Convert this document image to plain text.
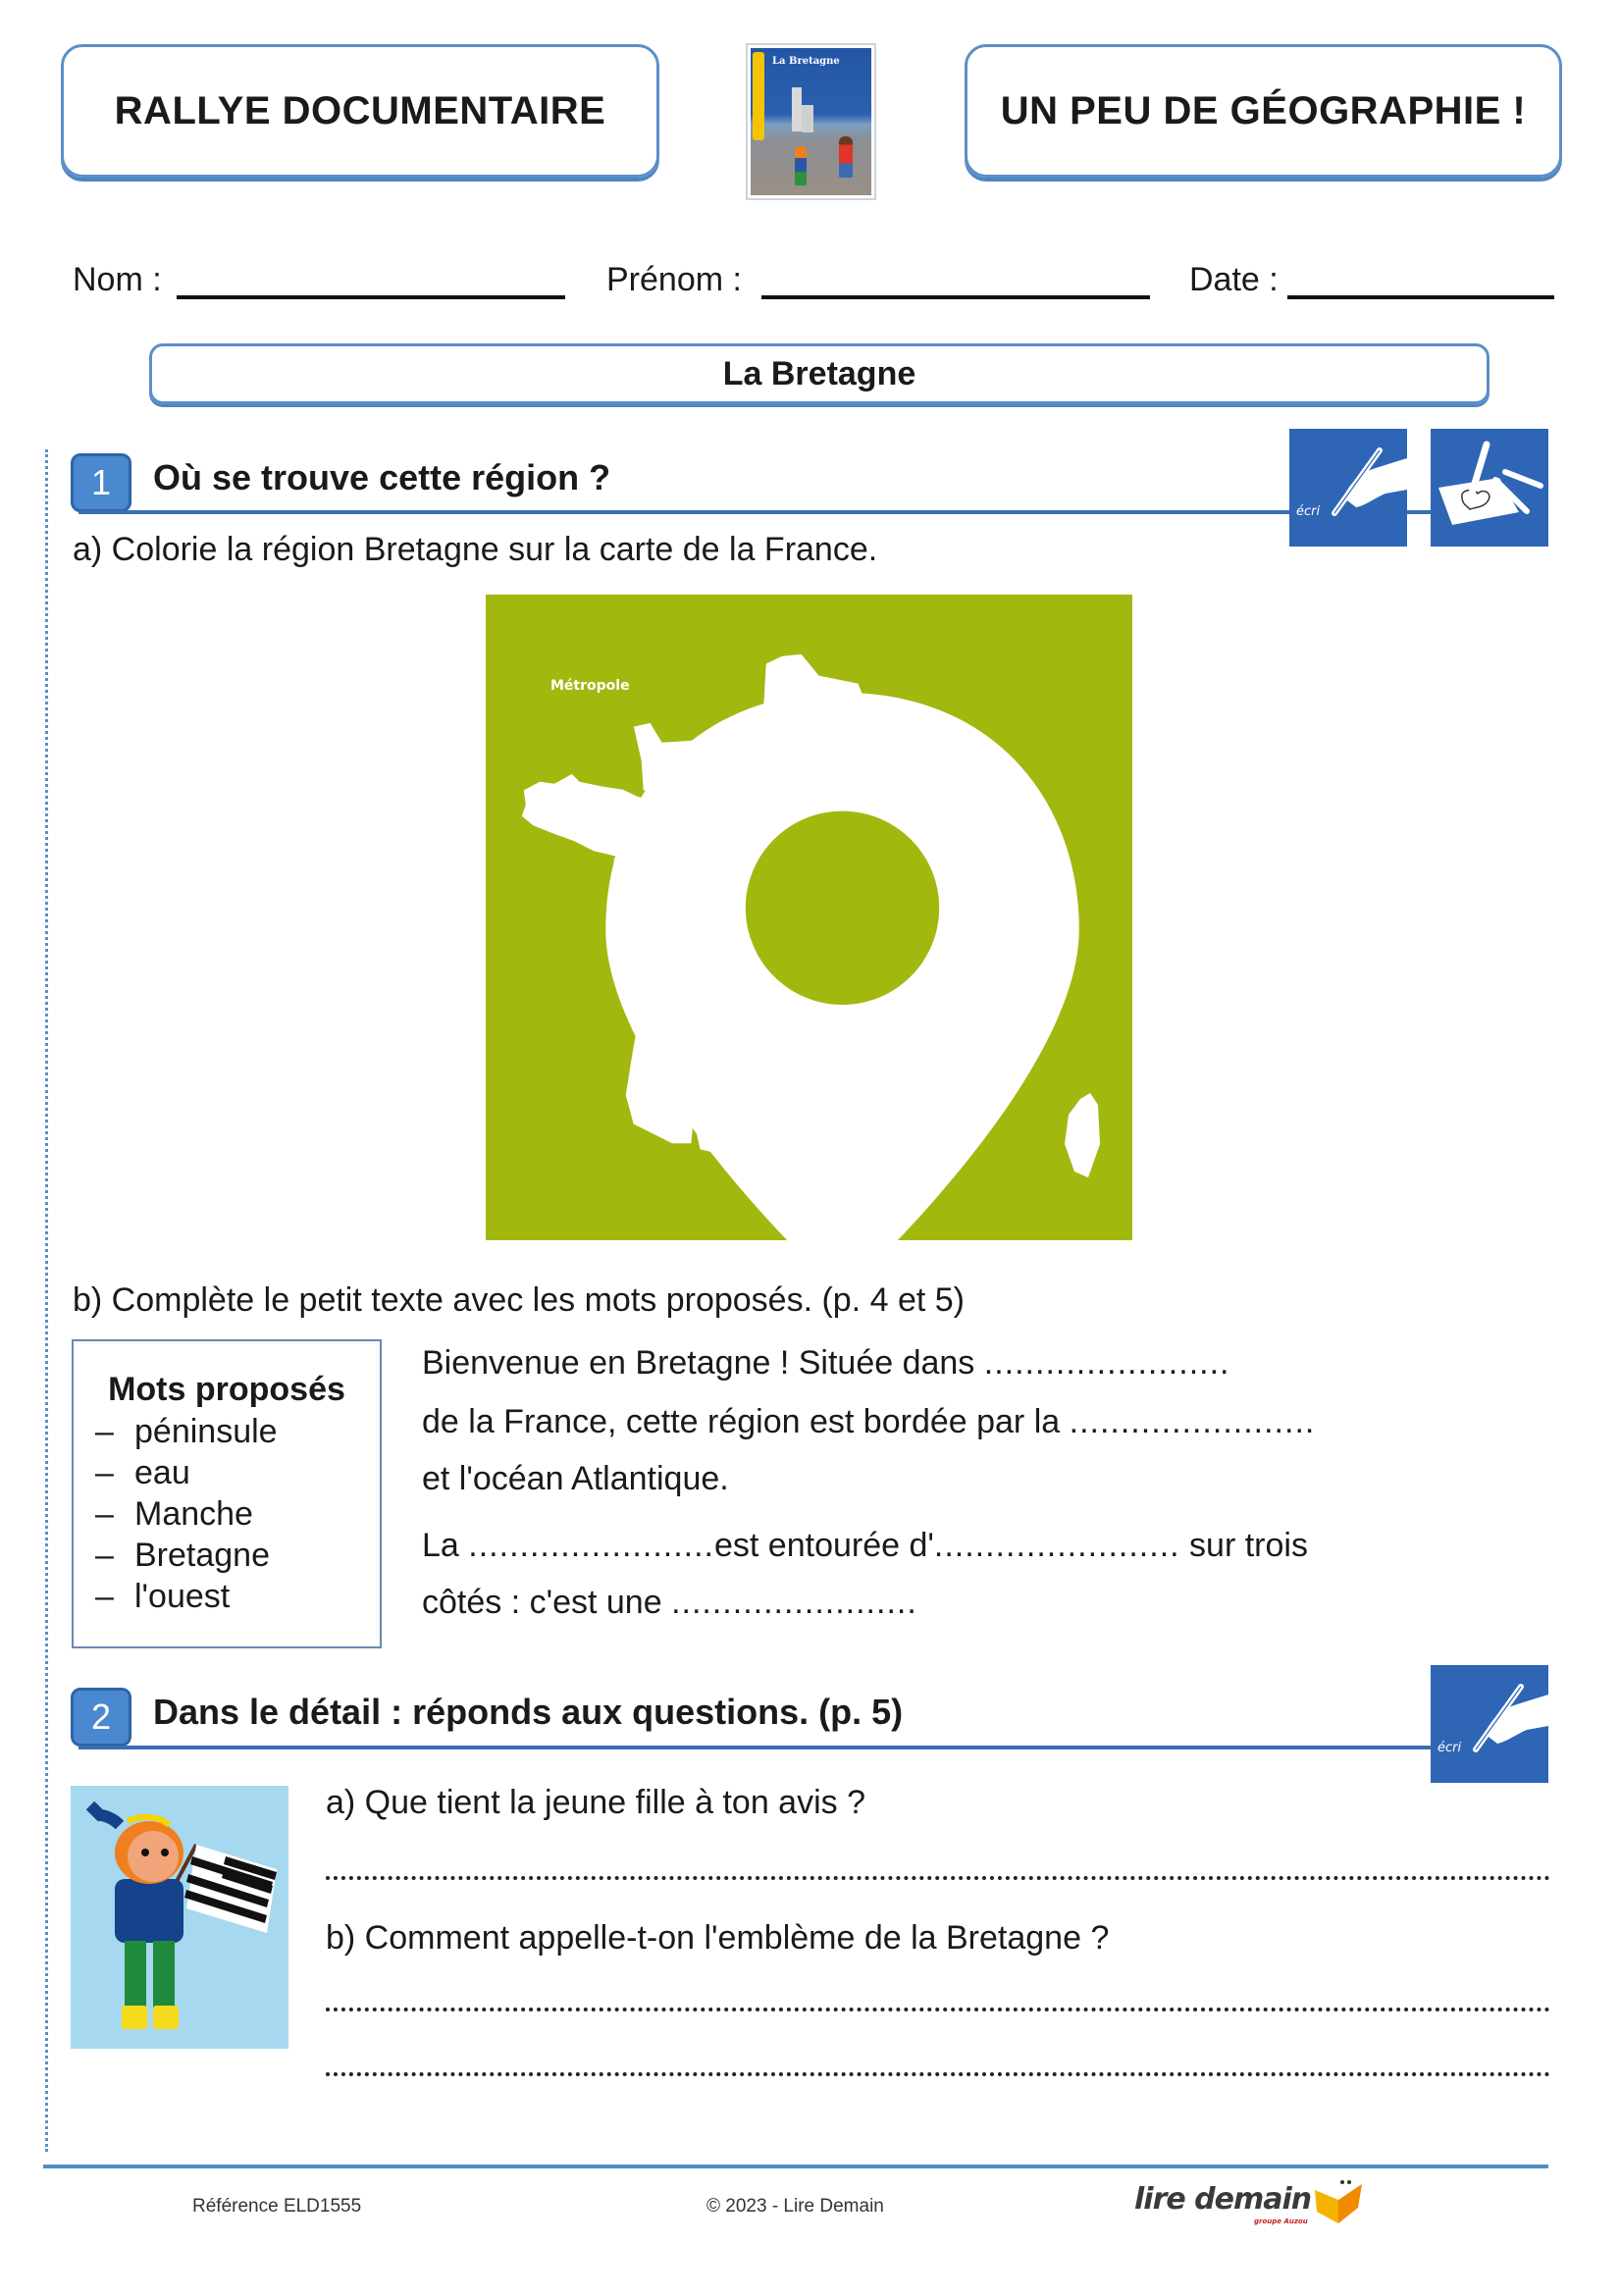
RALLYE DOCUMENTAIRE
La Bretagne
UN PEU DE GÉOGRAPHIE !
Nom :	Prénom :	Date :
La Bretagne
1	Où se trouve cette région ?
écri
a) Colorie la région Bretagne sur la carte de la France.
Métropole
b) Complète le petit texte avec les mots proposés. (p. 4 et 5)
Mots proposés
– péninsule
– eau
– Manche
– Bretagne
– l'ouest
Bienvenue en Bretagne ! Située dans ........................
de la France, cette région est bordée par la ........................
et l'océan Atlantique.
La ........................est entourée d'........................ sur trois
côtés : c'est une ........................
2	Dans le détail : réponds aux questions. (p. 5)
écri
a) Que tient la jeune fille à ton avis ?
b) Comment appelle-t-on l'emblème de la Bretagne ?
Référence ELD1555	© 2023 - Lire Demain	lire demain
groupe Auzou
